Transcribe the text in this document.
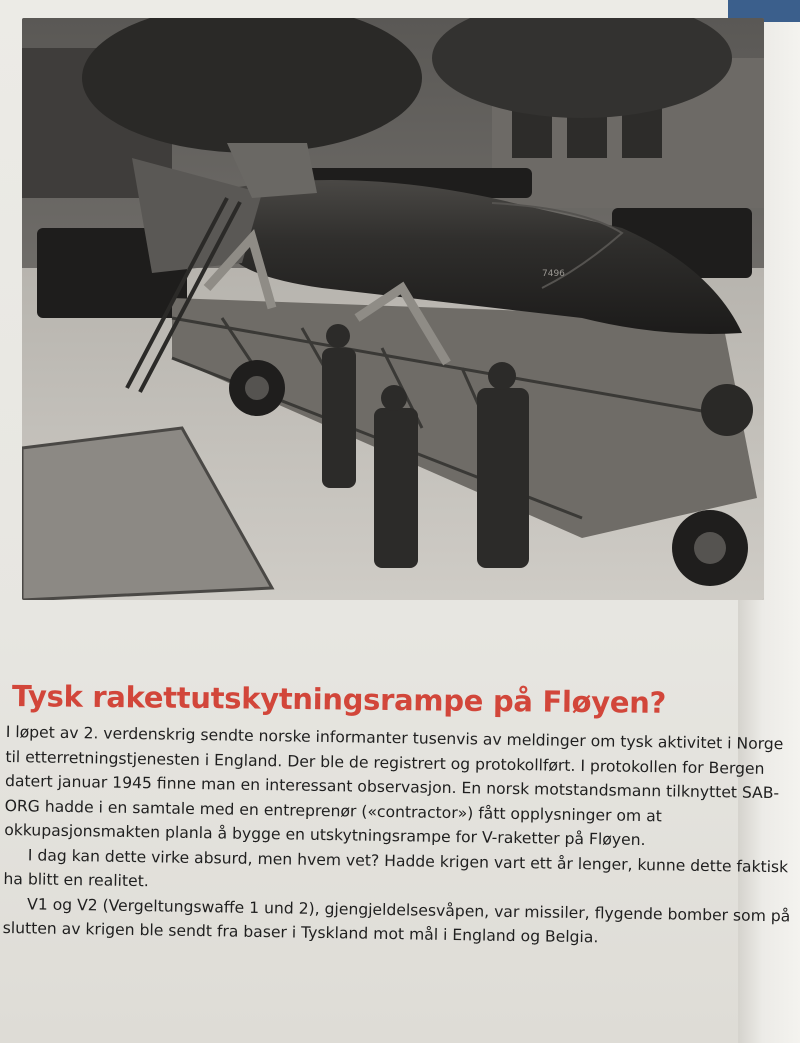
7496
Tysk rakettutskytningsrampe på Fløyen?

I løpet av 2. verdenskrig sendte norske informanter tusenvis av meldinger om tysk aktivitet i Norge til etterretningstjenesten i England. Der ble de registrert og protokollført. I protokollen for Bergen datert januar 1945 finne man en interessant observasjon. En norsk motstandsmann tilknyttet SAB-ORG hadde i en samtale med en entreprenør («contractor») fått opplysninger om at okkupasjonsmakten planla å bygge en utskytningsrampe for V-raketter på Fløyen.

I dag kan dette virke absurd, men hvem vet? Hadde krigen vart ett år lenger, kunne dette faktisk ha blitt en realitet.

V1 og V2 (Vergeltungswaffe 1 und 2), gjengjeldelsesvåpen, var missiler, flygende bomber som på slutten av krigen ble sendt fra baser i Tyskland mot mål i England og Belgia.
